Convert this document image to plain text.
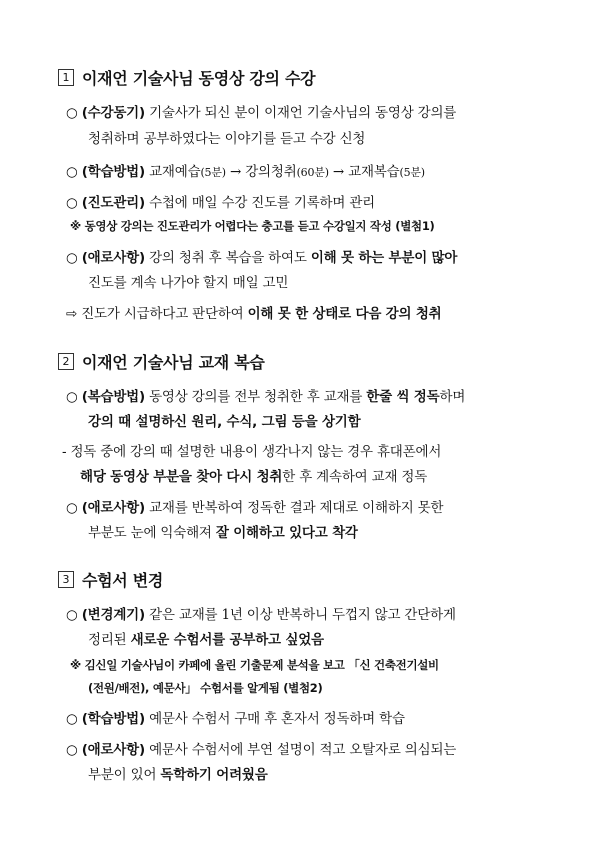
1 이재언 기술사님 동영상 강의 수강
○ (수강동기) 기술사가 되신 분이 이재언 기술사님의 동영상 강의를
청취하며 공부하였다는 이야기를 듣고 수강 신청
○ (학습방법) 교재예습(5분) → 강의청취(60분) → 교재복습(5분)
○ (진도관리) 수첩에 매일 수강 진도를 기록하며 관리
※ 동영상 강의는 진도관리가 어렵다는 충고를 듣고 수강일지 작성 (별첨1)
○ (애로사항) 강의 청취 후 복습을 하여도 이해 못 하는 부분이 많아
진도를 계속 나가야 할지 매일 고민
⇨ 진도가 시급하다고 판단하여 이해 못 한 상태로 다음 강의 청취
2 이재언 기술사님 교재 복습
○ (복습방법) 동영상 강의를 전부 청취한 후 교재를 한줄 씩 정독하며
강의 때 설명하신 원리, 수식, 그림 등을 상기함
- 정독 중에 강의 때 설명한 내용이 생각나지 않는 경우 휴대폰에서
해당 동영상 부분을 찾아 다시 청취한 후 계속하여 교재 정독
○ (애로사항) 교재를 반복하여 정독한 결과 제대로 이해하지 못한
부분도 눈에 익숙해져 잘 이해하고 있다고 착각
3 수험서 변경
○ (변경계기) 같은 교재를 1년 이상 반복하니 두껍지 않고 간단하게
정리된 새로운 수험서를 공부하고 싶었음
※ 김신일 기술사님이 카페에 올린 기출문제 분석을 보고 「신 건축전기설비
(전원/배전), 예문사」 수험서를 알게됨 (별첨2)
○ (학습방법) 예문사 수험서 구매 후 혼자서 정독하며 학습
○ (애로사항) 예문사 수험서에 부연 설명이 적고 오탈자로 의심되는
부분이 있어 독학하기 어려웠음
